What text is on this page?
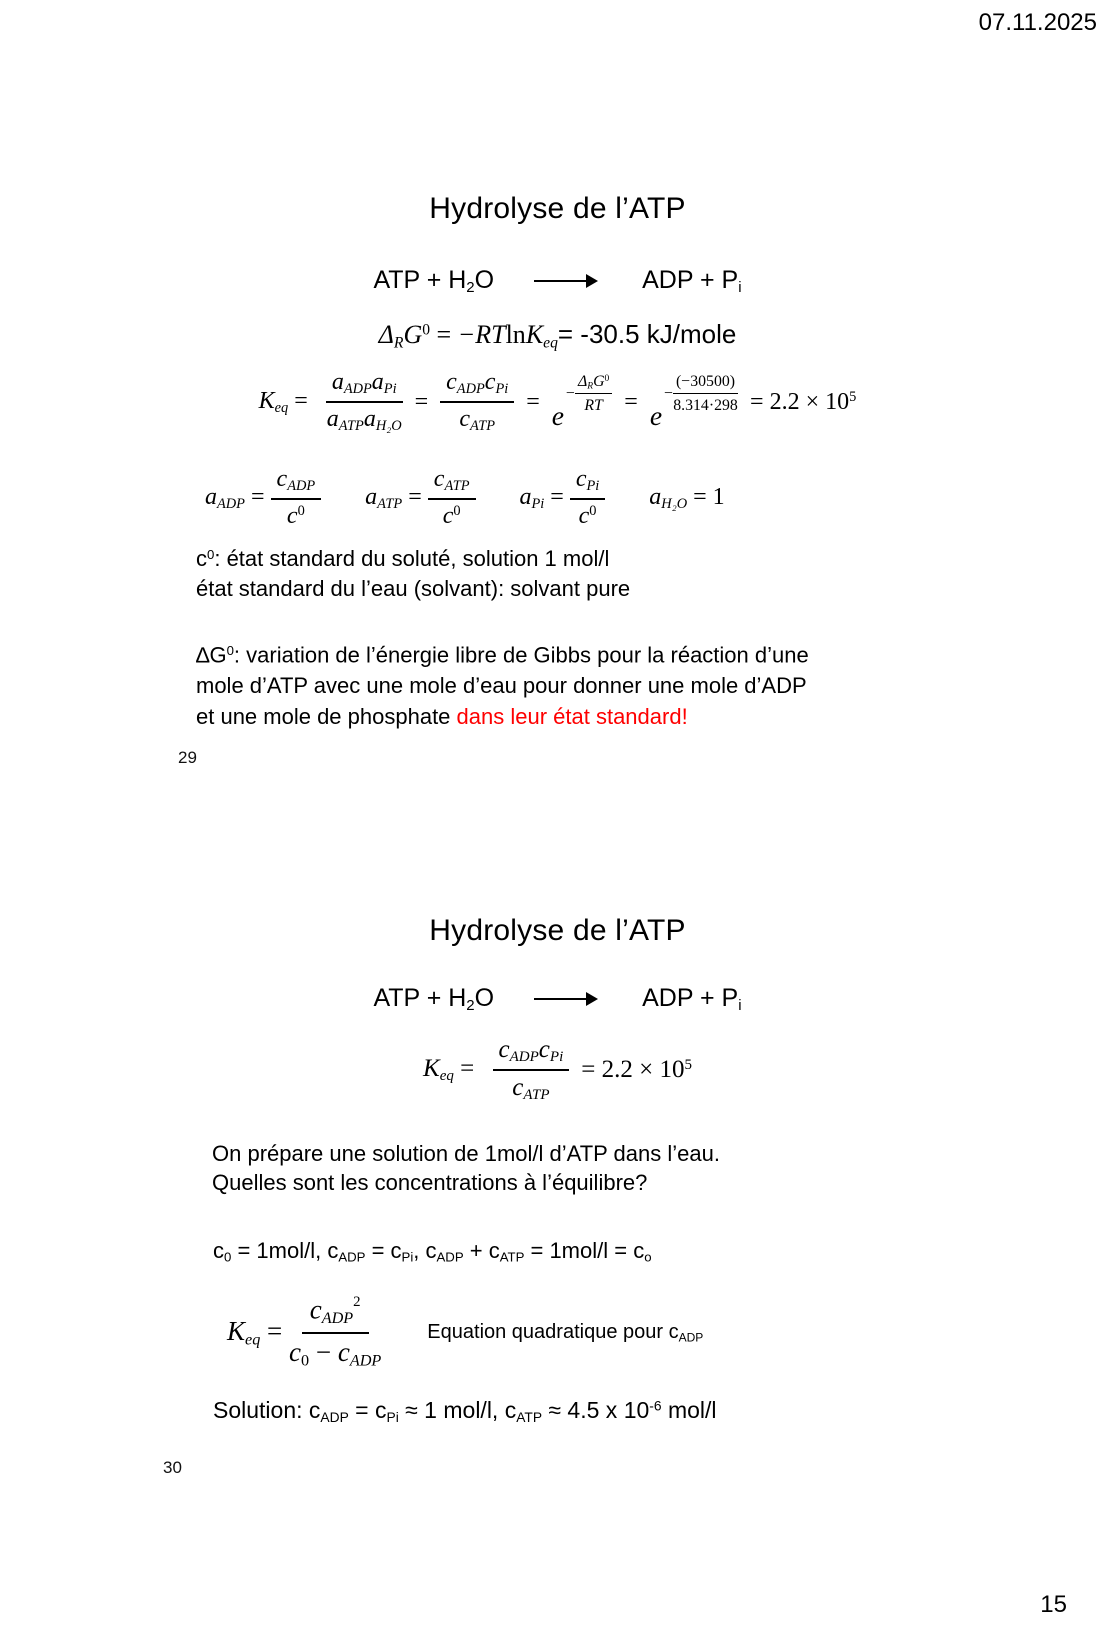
07.11.2025
Hydrolyse de l’ATP
ATP + $H_2O$	ADP + $P_i$
$\Delta_RG^0 = -RTlnK_{eq}= -30.5$ kJ/mole
$K_{eq} = \frac{a_{ADP}a_{Pi}}{a_{ATP}a_{H_2O}} = \frac{c_{ADP}c_{Pi}}{c_{ATP}} = e$
− $\frac{\Delta_RG^0}{RT} = e$
− $\frac{(-30500)}{8.314\cdot 298} = 2.2 \times 10^5$
$a_{ADP} = \frac{c_{ADP}}{c^0} a_{ATP} = \frac{c_{ATP}}{c^0} a_{Pi} = \frac{c_{Pi}}{c^0} a_{H_2O} = 1$
$c^0$: état standard du soluté, solution 1 mol/l
état standard du l’eau (solvant): solvant pure
$\Delta G^0$: variation de l’énergie libre de Gibbs pour la réaction d’une
mole d’ATP avec une mole d’eau pour donner une mole d’ADP
et une mole de phosphate dans leur état standard!
29
Hydrolyse de l’ATP
ATP + $H_2O$	ADP + $P_i$
$K_{eq} = \frac{c_{ADP}c_{Pi}}{c_{ATP}} = 2.2 \times 10^5$
On prépare une solution de 1mol/l d’ATP dans l’eau.
Quelles sont les concentrations à l’équilibre?
$c_0 = 1mol/l$, $c_{ADP} = c_{Pi}$, $c_{ADP} + c_{ATP} = 1mol/l = c_o$
$K_{eq} = \frac{c_{ADP}^2}{c_0 - c_{ADP}}$ Equation quadratique pour $c_{ADP}$
Solution: $c_{ADP} = c_{Pi} \approx 1$ mol/l, $c_{ATP} \approx 4.5$ x $10^{-6}$ mol/l
30
15
